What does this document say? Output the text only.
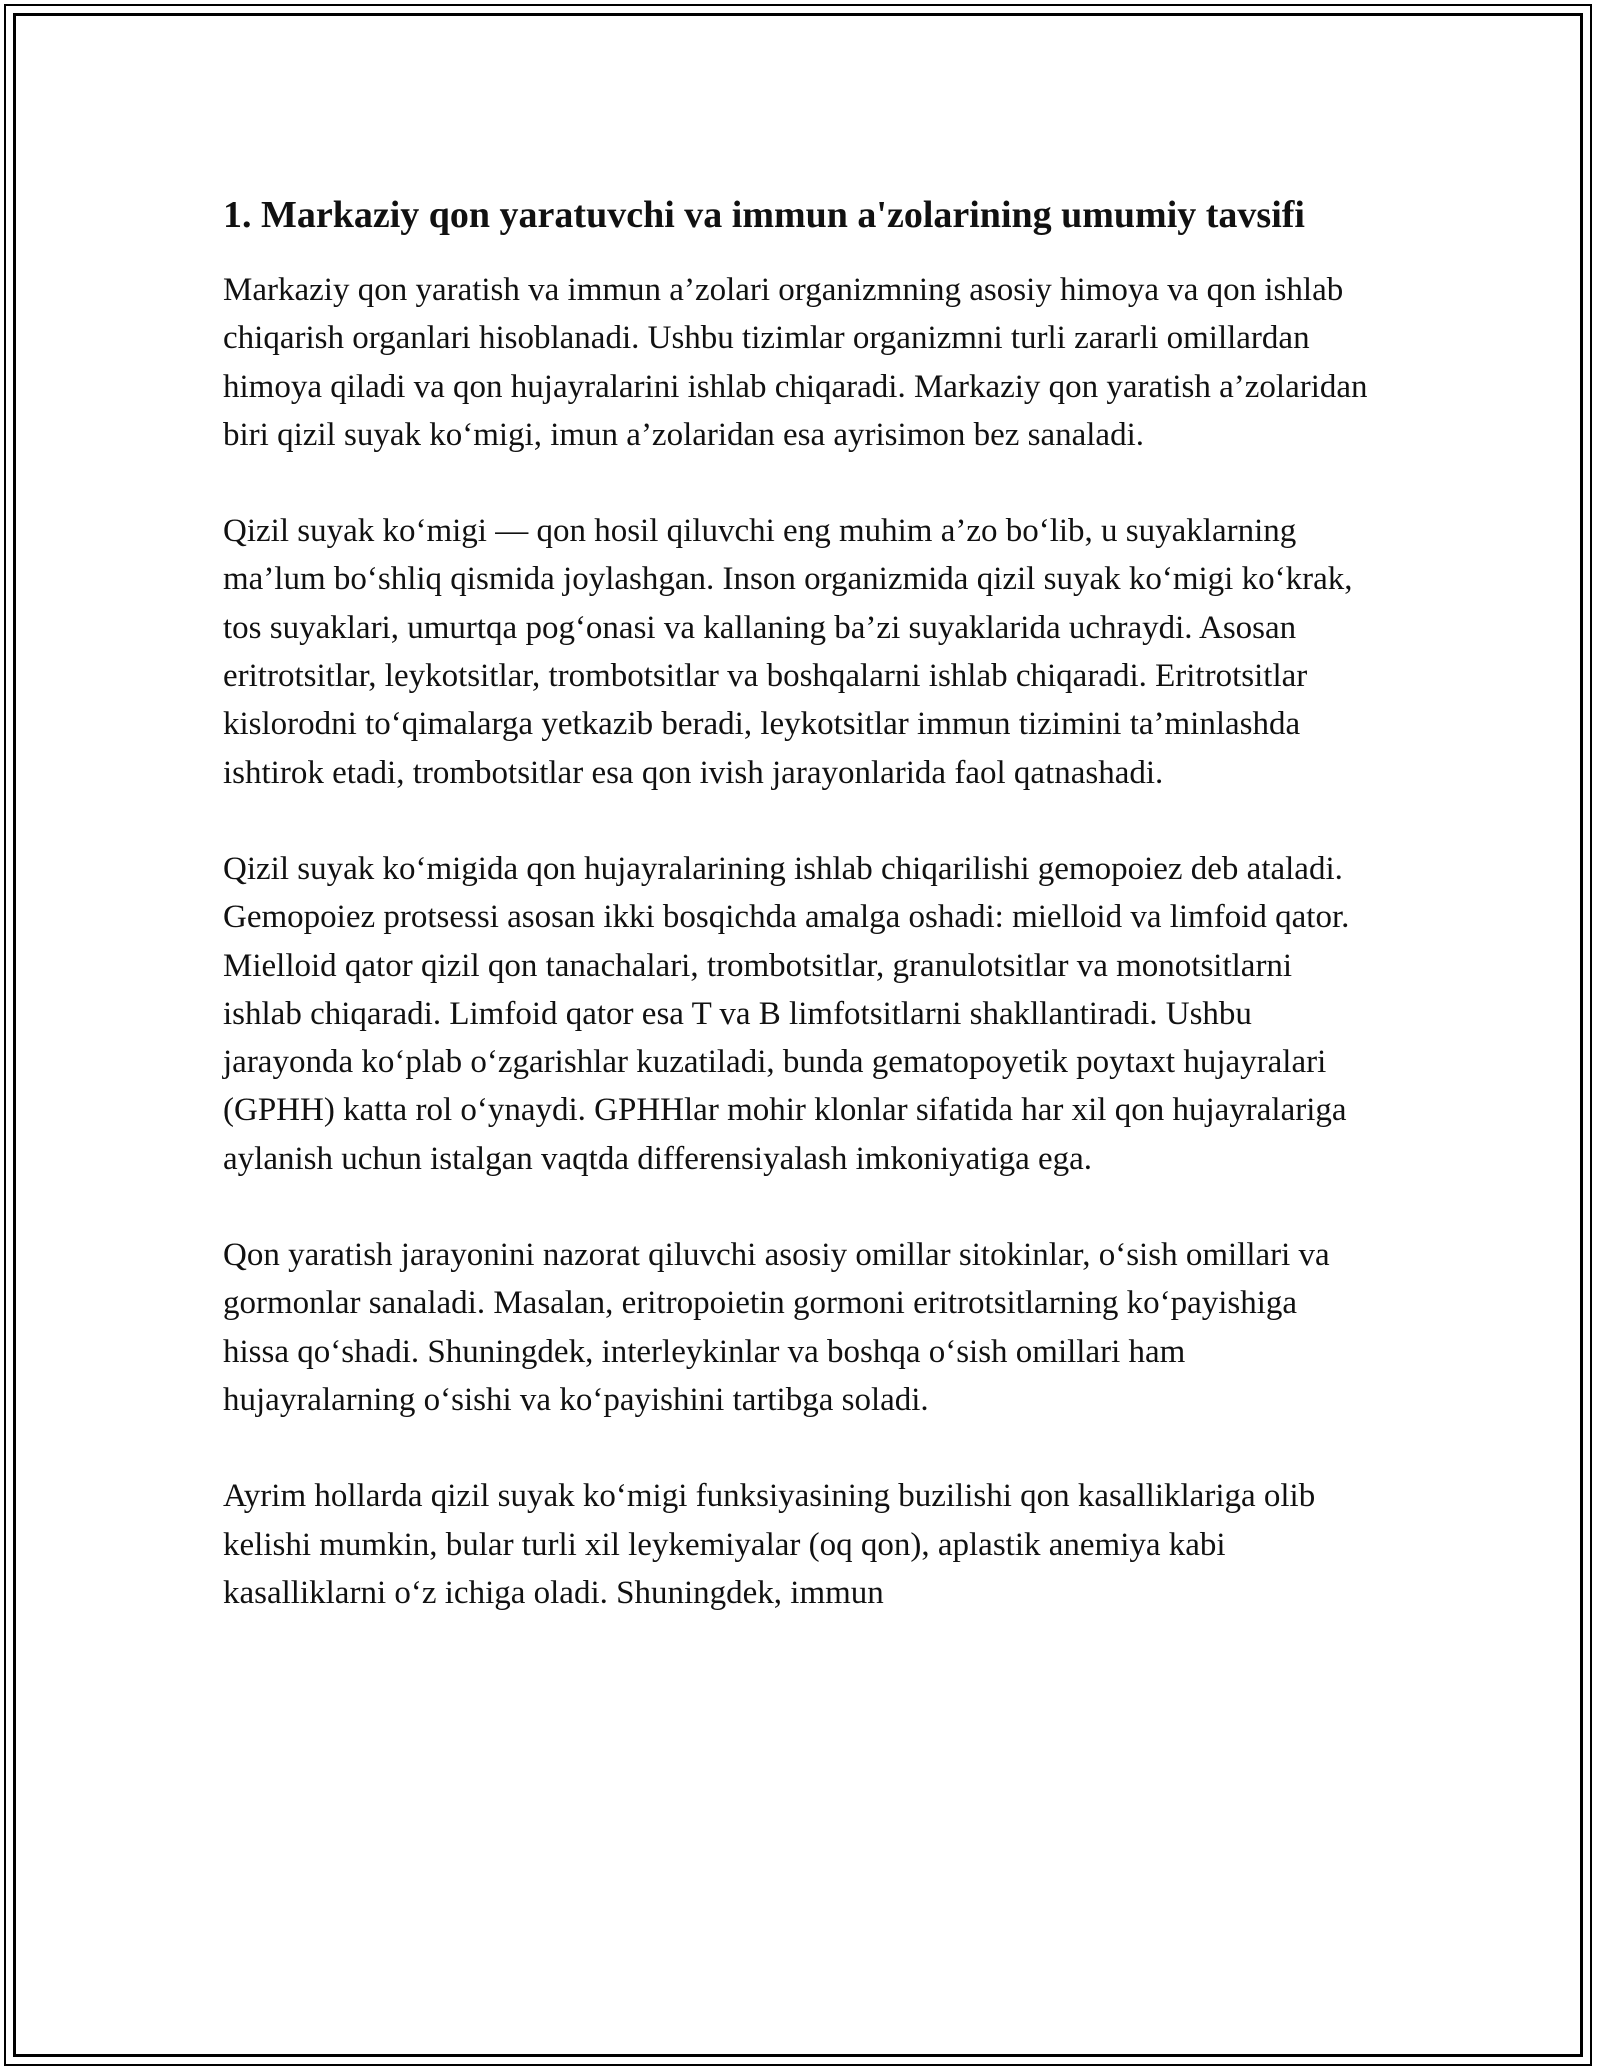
1. Markaziy qon yaratuvchi va immun a'zolarining umumiy tavsifi

Markaziy qon yaratish va immun a’zolari organizmning asosiy himoya va qon ishlab chiqarish organlari hisoblanadi. Ushbu tizimlar organizmni turli zararli omillardan himoya qiladi va qon hujayralarini ishlab chiqaradi. Markaziy qon yaratish a’zolaridan biri qizil suyak ko‘migi, imun a’zolaridan esa ayrisimon bez sanaladi.

Qizil suyak ko‘migi — qon hosil qiluvchi eng muhim a’zo bo‘lib, u suyaklarning ma’lum bo‘shliq qismida joylashgan. Inson organizmida qizil suyak ko‘migi ko‘krak, tos suyaklari, umurtqa pog‘onasi va kallaning ba’zi suyaklarida uchraydi. Asosan eritrotsitlar, leykotsitlar, trombotsitlar va boshqalarni ishlab chiqaradi. Eritrotsitlar kislorodni to‘qimalarga yetkazib beradi, leykotsitlar immun tizimini ta’minlashda ishtirok etadi, trombotsitlar esa qon ivish jarayonlarida faol qatnashadi.

Qizil suyak ko‘migida qon hujayralarining ishlab chiqarilishi gemopoiez deb ataladi. Gemopoiez protsessi asosan ikki bosqichda amalga oshadi: mielloid va limfoid qator. Mielloid qator qizil qon tanachalari, trombotsitlar, granulotsitlar va monotsitlarni ishlab chiqaradi. Limfoid qator esa T va B limfotsitlarni shakllantiradi. Ushbu jarayonda ko‘plab o‘zgarishlar kuzatiladi, bunda gematopoyetik poytaxt hujayralari (GPHH) katta rol o‘ynaydi. GPHHlar mohir klonlar sifatida har xil qon hujayralariga aylanish uchun istalgan vaqtda differensiyalash imkoniyatiga ega.

Qon yaratish jarayonini nazorat qiluvchi asosiy omillar sitokinlar, o‘sish omillari va gormonlar sanaladi. Masalan, eritropoietin gormoni eritrotsitlarning ko‘payishiga hissa qo‘shadi. Shuningdek, interleykinlar va boshqa o‘sish omillari ham hujayralarning o‘sishi va ko‘payishini tartibga soladi.

Ayrim hollarda qizil suyak ko‘migi funksiyasining buzilishi qon kasalliklariga olib kelishi mumkin, bular turli xil leykemiyalar (oq qon), aplastik anemiya kabi kasalliklarni o‘z ichiga oladi. Shuningdek, immun
